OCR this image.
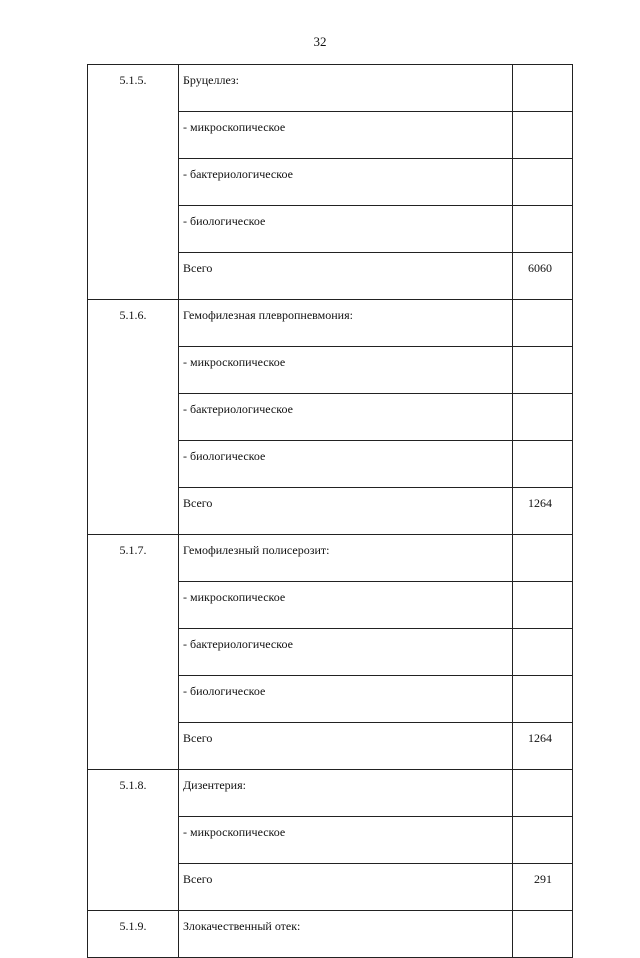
32
5.1.5.	Бруцеллез:	
	- микроскопическое	
	- бактериологическое	
	- биологическое	
	Всего	6060
5.1.6.	Гемофилезная плевропневмония:	
	- микроскопическое	
	- бактериологическое	
	- биологическое	
	Всего	1264
5.1.7.	Гемофилезный полисерозит:	
	- микроскопическое	
	- бактериологическое	
	- биологическое	
	Всего	1264
5.1.8.	Дизентерия:	
	- микроскопическое	
	Всего	291
5.1.9.	Злокачественный отек:	
